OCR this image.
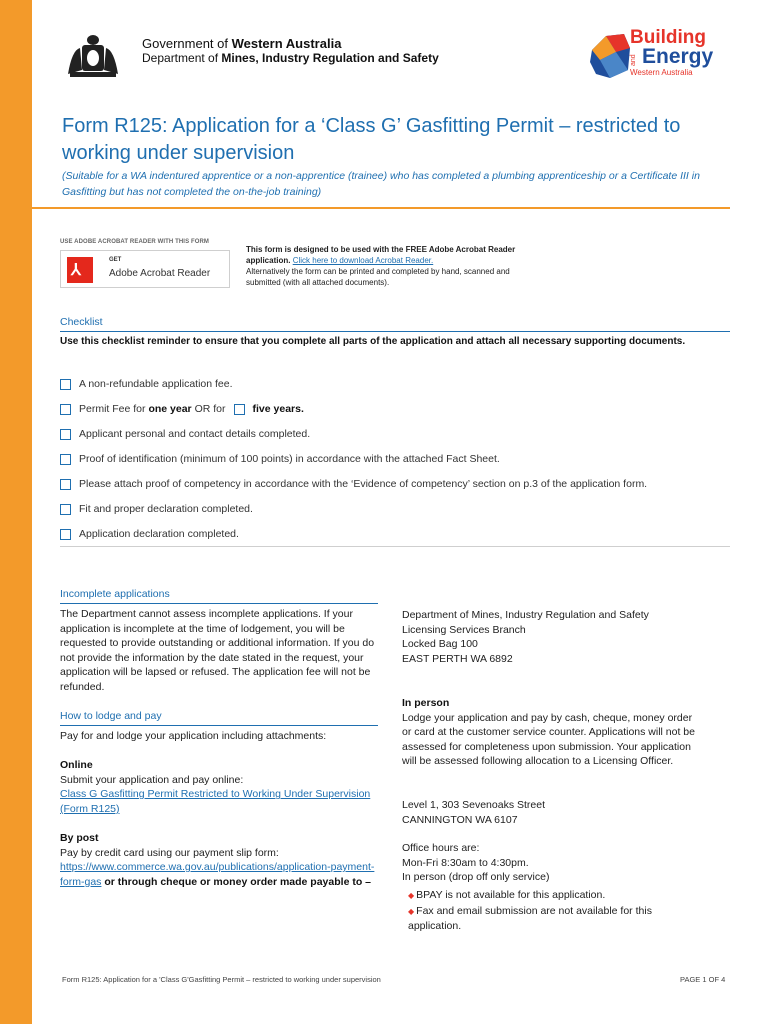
Government of Western Australia
Department of Mines, Industry Regulation and Safety
Building
and Energy
Western Australia
Form R125: Application for a ‘Class G’ Gasfitting Permit – restricted to working under supervision
(Suitable for a WA indentured apprentice or a non-apprentice (trainee) who has completed a plumbing apprenticeship or a Certificate III in Gasfitting but has not completed the on-the-job training)
USE ADOBE ACROBAT READER WITH THIS FORM
⅄
GET
Adobe Acrobat Reader
This form is designed to be used with the FREE Adobe Acrobat Reader application. Click here to download Acrobat Reader.
Alternatively the form can be printed and completed by hand, scanned and submitted (with all attached documents).
Checklist
Use this checklist reminder to ensure that you complete all parts of the application and attach all necessary supporting documents.
A non-refundable application fee.
Permit Fee for
one year
OR for	five years.
Applicant personal and contact details completed.
Proof of identification (minimum of 100 points) in accordance with the attached Fact Sheet.
Please attach proof of competency in accordance with the ‘Evidence of competency’ section on p.3 of the application form.
Fit and proper declaration completed.
Application declaration completed.
Incomplete applications
The Department cannot assess incomplete applications. If your application is incomplete at the time of lodgement, you will be requested to provide outstanding or additional information. If you do not provide the information by the date stated in the request, your application will be lapsed or refused. The application fee will not be refunded.
How to lodge and pay
Pay for and lodge your application including attachments:
Online
Submit your application and pay online:
Class G Gasfitting Permit Restricted to Working Under Supervision (Form R125)
By post
Pay by credit card using our payment slip form:
https://www.commerce.wa.gov.au/publications/application-payment-form-gas or through cheque or money order made payable to –
Department of Mines, Industry Regulation and Safety
Licensing Services Branch
Locked Bag 100
EAST PERTH WA 6892
In person
Lodge your application and pay by cash, cheque, money order or card at the customer service counter. Applications will not be assessed for completeness upon submission. Your application will be assessed following allocation to a Licensing Officer.
Level 1, 303 Sevenoaks Street
CANNINGTON WA 6107
Office hours are:
Mon-Fri 8:30am to 4:30pm.
In person (drop off only service)
◆ BPAY is not available for this application.
◆ Fax and email submission are not available for this application.
Form R125: Application for a 'Class G'Gasfitting Permit – restricted to working under supervision	PAGE 1 OF 4
